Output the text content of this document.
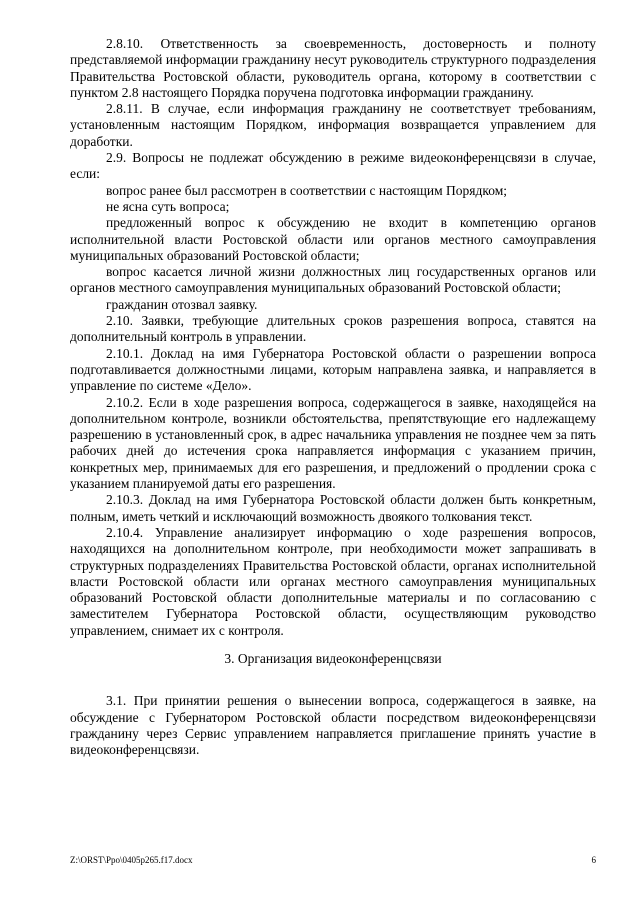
2.8.10. Ответственность за своевременность, достоверность и полноту представляемой информации гражданину несут руководитель структурного подразделения Правительства Ростовской области, руководитель органа, которому в соответствии с пунктом 2.8 настоящего Порядка поручена подготовка информации гражданину.

2.8.11. В случае, если информация гражданину не соответствует требованиям, установленным настоящим Порядком, информация возвращается управлением для доработки.

2.9. Вопросы не подлежат обсуждению в режиме видеоконференцсвязи в случае, если:

вопрос ранее был рассмотрен в соответствии с настоящим Порядком;

не ясна суть вопроса;

предложенный вопрос к обсуждению не входит в компетенцию органов исполнительной власти Ростовской области или органов местного самоуправления муниципальных образований Ростовской области;

вопрос касается личной жизни должностных лиц государственных органов или органов местного самоуправления муниципальных образований Ростовской области;

гражданин отозвал заявку.

2.10. Заявки, требующие длительных сроков разрешения вопроса, ставятся на дополнительный контроль в управлении.

2.10.1. Доклад на имя Губернатора Ростовской области о разрешении вопроса подготавливается должностными лицами, которым направлена заявка, и направляется в управление по системе «Дело».

2.10.2. Если в ходе разрешения вопроса, содержащегося в заявке, находящейся на дополнительном контроле, возникли обстоятельства, препятствующие его надлежащему разрешению в установленный срок, в адрес начальника управления не позднее чем за пять рабочих дней до истечения срока направляется информация с указанием причин, конкретных мер, принимаемых для его разрешения, и предложений о продлении срока с указанием планируемой даты его разрешения.

2.10.3. Доклад на имя Губернатора Ростовской области должен быть конкретным, полным, иметь четкий и исключающий возможность двоякого толкования текст.

2.10.4. Управление анализирует информацию о ходе разрешения вопросов, находящихся на дополнительном контроле, при необходимости может запрашивать в структурных подразделениях Правительства Ростовской области, органах исполнительной власти Ростовской области или органах местного самоуправления муниципальных образований Ростовской области дополнительные материалы и по согласованию с заместителем Губернатора Ростовской области, осуществляющим руководство управлением, снимает их с контроля.

3. Организация видеоконференцсвязи

3.1. При принятии решения о вынесении вопроса, содержащегося в заявке, на обсуждение с Губернатором Ростовской области посредством видеоконференцсвязи гражданину через Сервис управлением направляется приглашение принять участие в видеоконференцсвязи.

Z:\ORST\Ppo\0405p265.f17.docx	6
